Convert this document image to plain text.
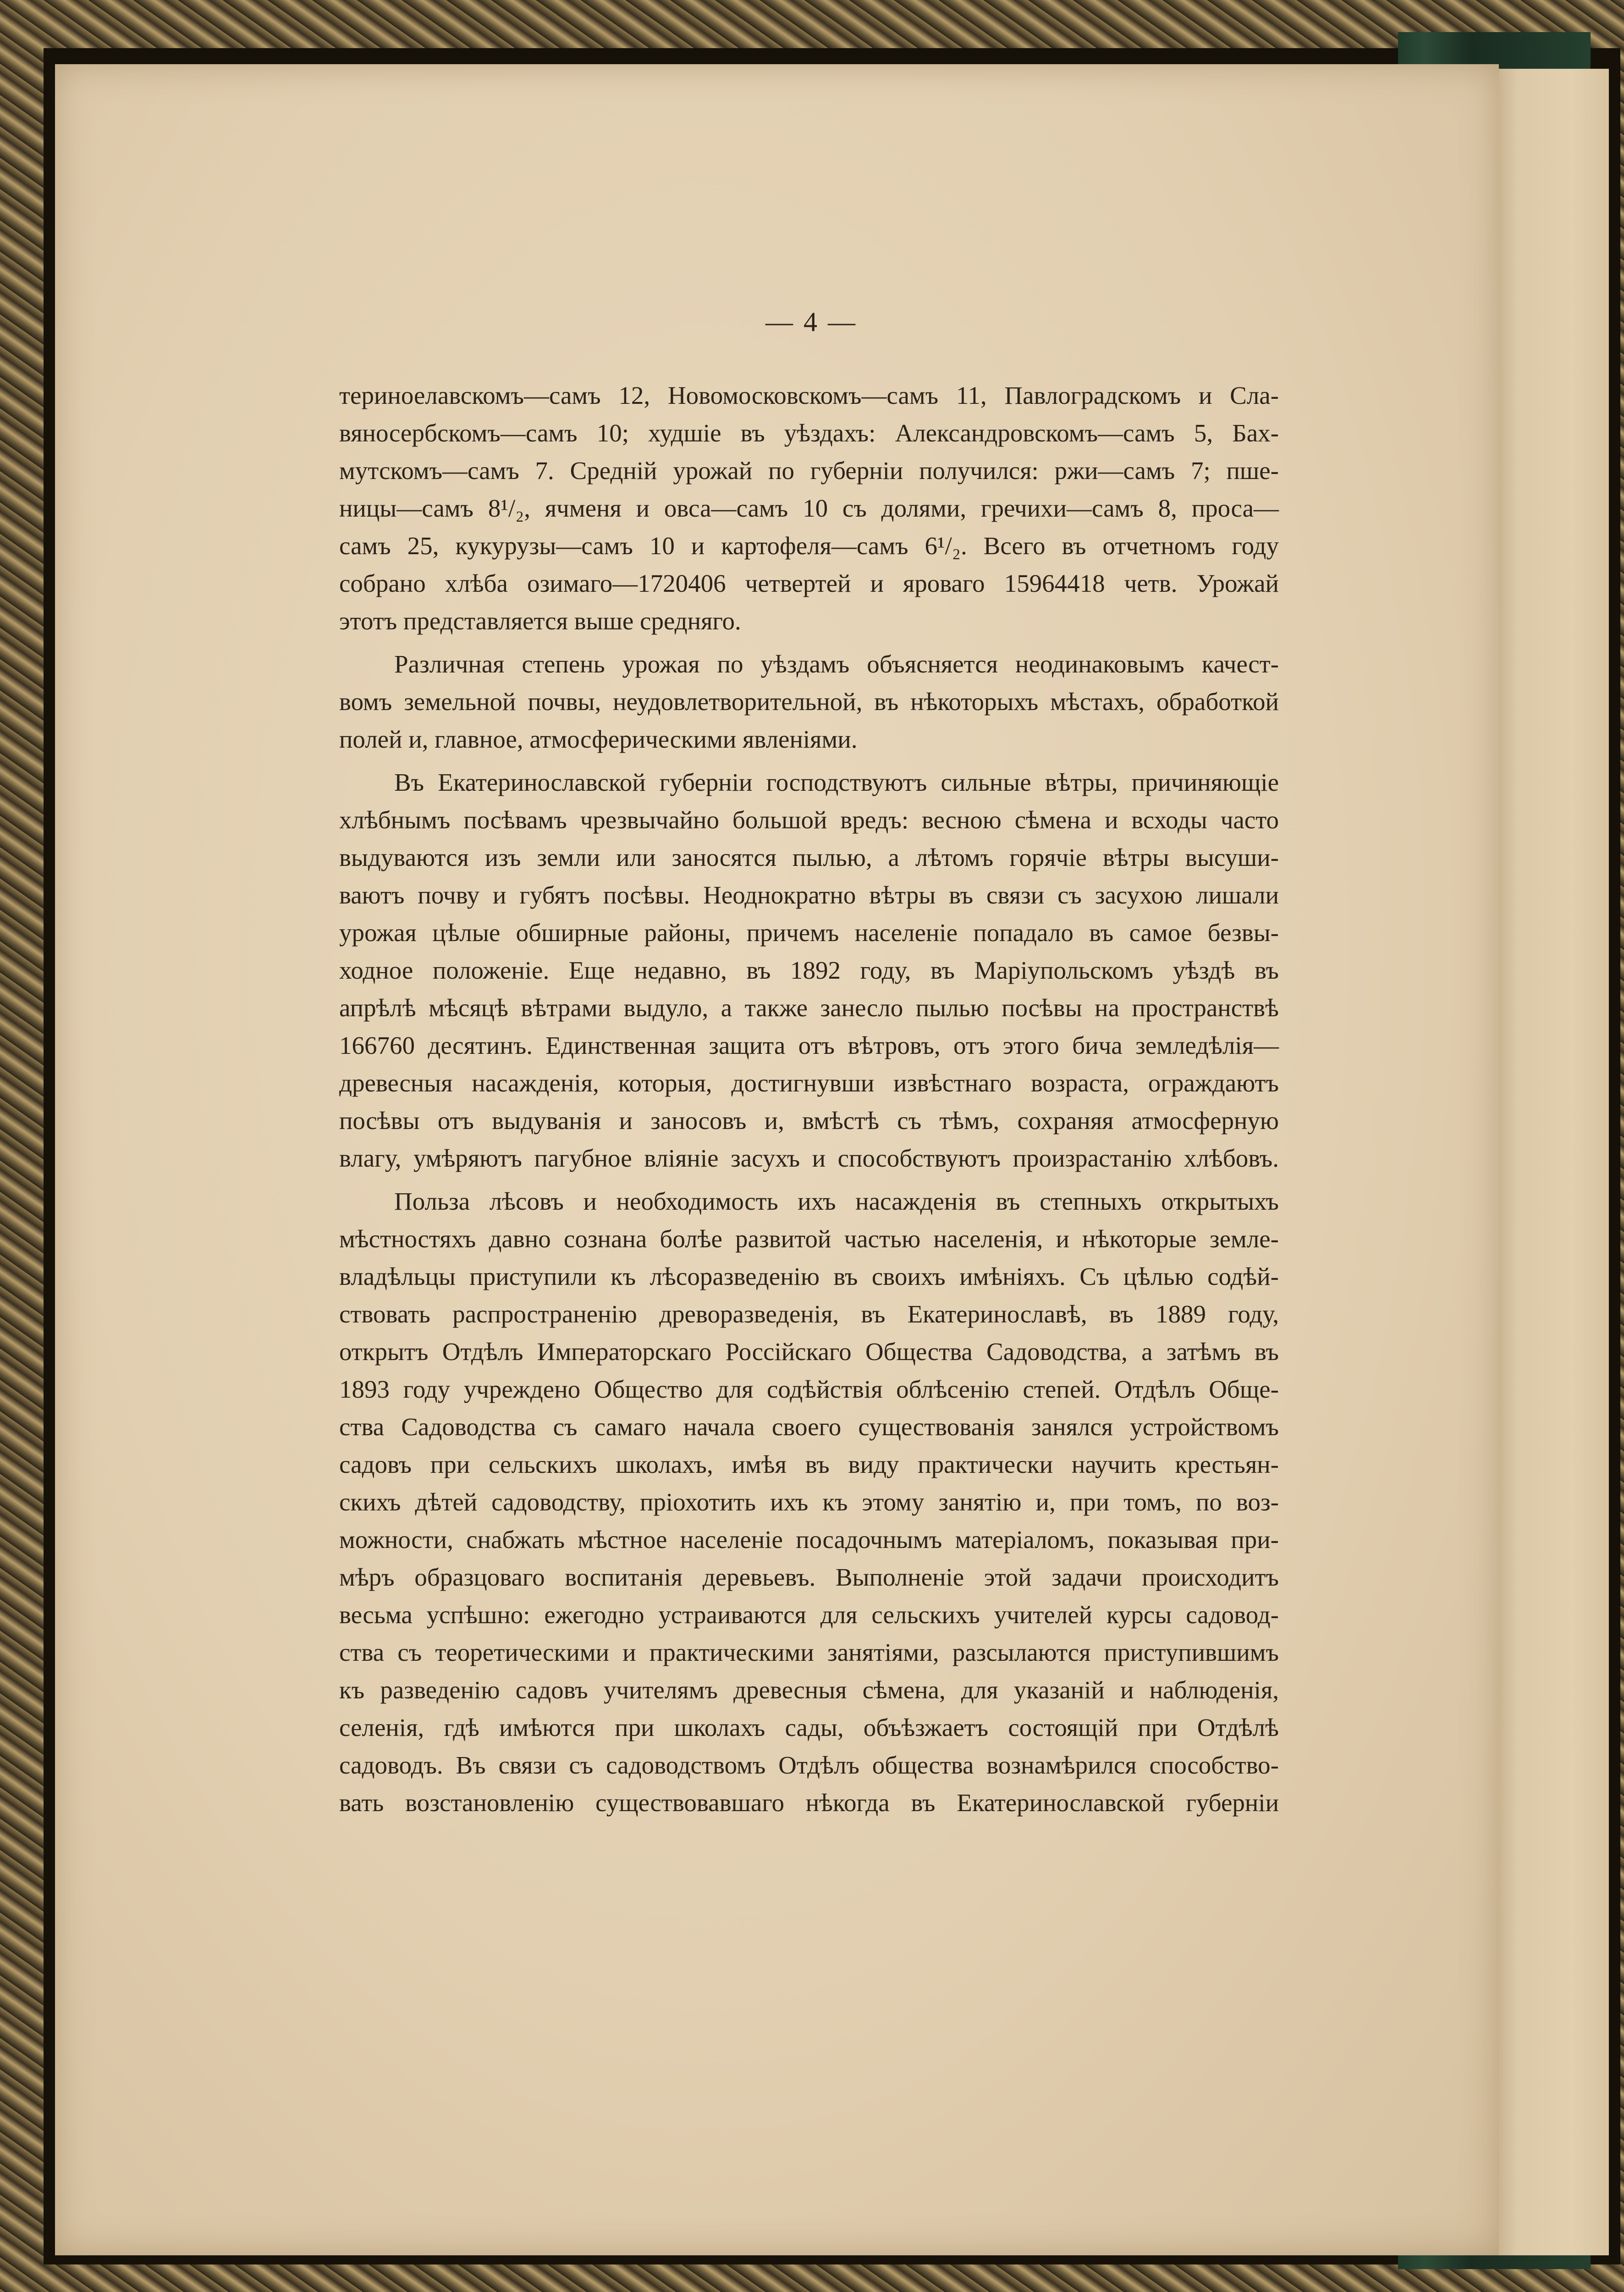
— 4 —
териноелавскомъ—самъ 12, Новомосковскомъ—самъ 11, Павлоградскомъ и Сла-
вяносербскомъ—самъ 10; худшіе въ уѣздахъ: Александровскомъ—самъ 5, Бах-
мутскомъ—самъ 7. Средній урожай по губерніи получился: ржи—самъ 7; пше-
ницы—самъ 8¹/₂, ячменя и овса—самъ 10 съ долями, гречихи—самъ 8, проса—
самъ 25, кукурузы—самъ 10 и картофеля—самъ 6¹/₂. Всего въ отчетномъ году
собрано хлѣба озимаго—1720406 четвертей и яроваго 15964418 четв. Урожай
этотъ представляется выше средняго.
Различная степень урожая по уѣздамъ объясняется неодинаковымъ качест-
вомъ земельной почвы, неудовлетворительной, въ нѣкоторыхъ мѣстахъ, обработкой
полей и, главное, атмосферическими явленіями.
Въ Екатеринославской губерніи господствуютъ сильные вѣтры, причиняющіе
хлѣбнымъ посѣвамъ чрезвычайно большой вредъ: весною сѣмена и всходы часто
выдуваются изъ земли или заносятся пылью, а лѣтомъ горячіе вѣтры высуши-
ваютъ почву и губятъ посѣвы. Неоднократно вѣтры въ связи съ засухою лишали
урожая цѣлые обширные районы, причемъ населеніе попадало въ самое безвы-
ходное положеніе. Еще недавно, въ 1892 году, въ Маріупольскомъ уѣздѣ въ
апрѣлѣ мѣсяцѣ вѣтрами выдуло, а также занесло пылью посѣвы на пространствѣ
166760 десятинъ. Единственная защита отъ вѣтровъ, отъ этого бича земледѣлія—
древесныя насажденія, которыя, достигнувши извѣстнаго возраста, ограждаютъ
посѣвы отъ выдуванія и заносовъ и, вмѣстѣ съ тѣмъ, сохраняя атмосферную
влагу, умѣряютъ пагубное вліяніе засухъ и способствуютъ произрастанію хлѣбовъ.
Польза лѣсовъ и необходимость ихъ насажденія въ степныхъ открытыхъ
мѣстностяхъ давно сознана болѣе развитой частью населенія, и нѣкоторые земле-
владѣльцы приступили къ лѣсоразведенію въ своихъ имѣніяхъ. Съ цѣлью содѣй-
ствовать распространенію древоразведенія, въ Екатеринославѣ, въ 1889 году,
открытъ Отдѣлъ Императорскаго Россійскаго Общества Садоводства, а затѣмъ въ
1893 году учреждено Общество для содѣйствія облѣсенію степей. Отдѣлъ Обще-
ства Садоводства съ самаго начала своего существованія занялся устройствомъ
садовъ при сельскихъ школахъ, имѣя въ виду практически научить крестьян-
скихъ дѣтей садоводству, пріохотить ихъ къ этому занятію и, при томъ, по воз-
можности, снабжать мѣстное населеніе посадочнымъ матеріаломъ, показывая при-
мѣръ образцоваго воспитанія деревьевъ. Выполненіе этой задачи происходитъ
весьма успѣшно: ежегодно устраиваются для сельскихъ учителей курсы садовод-
ства съ теоретическими и практическими занятіями, разсылаются приступившимъ
къ разведенію садовъ учителямъ древесныя сѣмена, для указаній и наблюденія,
селенія, гдѣ имѣются при школахъ сады, объѣзжаетъ состоящій при Отдѣлѣ
садоводъ. Въ связи съ садоводствомъ Отдѣлъ общества вознамѣрился способство-
вать возстановленію существовавшаго нѣкогда въ Екатеринославской губерніи
